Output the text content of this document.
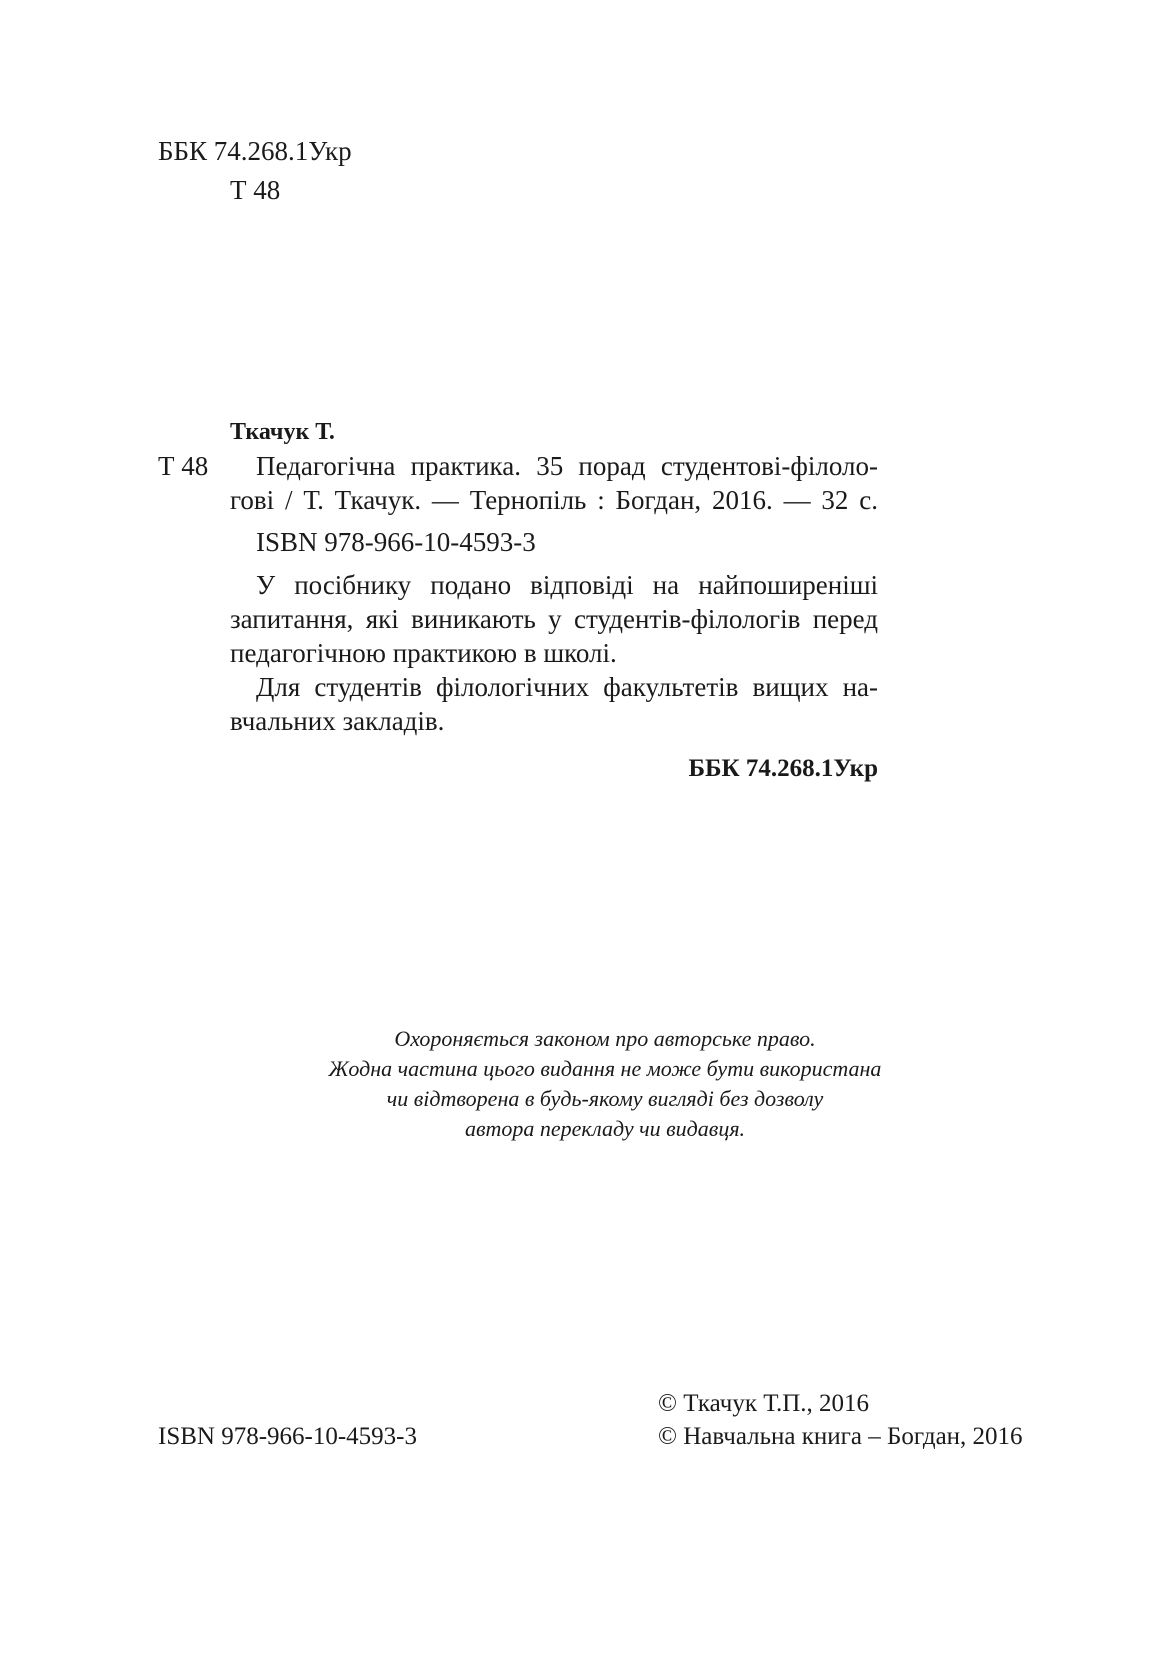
ББК 74.268.1Укр
Т 48
Ткачук Т.
Т 48 Педагогічна практика. 35 порад студентові-філоло-
гові / Т. Ткачук. — Тернопіль : Богдан, 2016. — 32 с.
ISBN 978-966-10-4593-3
У посібнику подано відповіді на найпоширеніші
запитання, які виникають у студентів-філологів перед
педагогічною практикою в школі.
Для студентів філологічних факультетів вищих на-
вчальних закладів.
ББК 74.268.1Укр
Охороняється законом про авторське право.
Жодна частина цього видання не може бути використана
чи відтворена в будь-якому вигляді без дозволу
автора перекладу чи видавця.
ISBN 978-966-10-4593-3
© Ткачук Т.П., 2016
© Навчальна книга – Богдан, 2016
